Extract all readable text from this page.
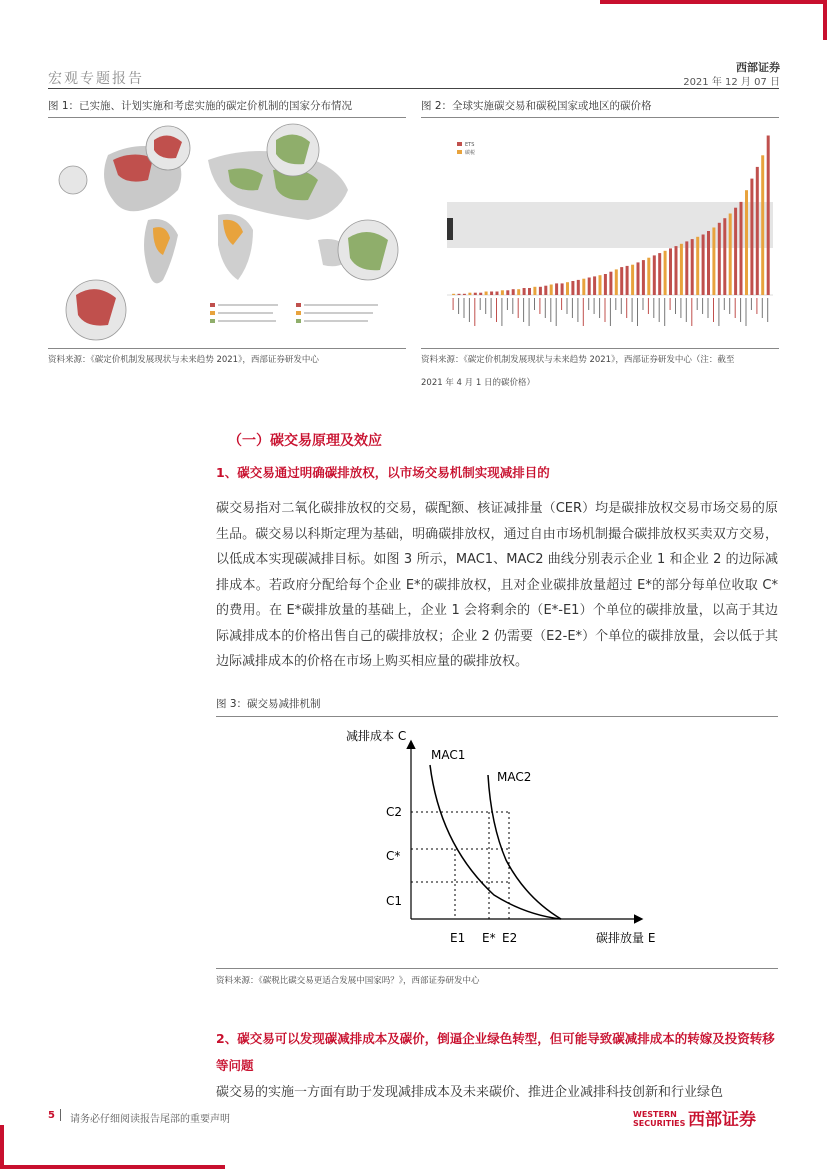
宏观专题报告
西部证券
2021 年 12 月 07 日
图 1：已实施、计划实施和考虑实施的碳定价机制的国家分布情况
资料来源：《碳定价机制发展现状与未来趋势 2021》，西部证券研发中心
图 2：全球实施碳交易和碳税国家或地区的碳价格
ETS
碳税
资料来源：《碳定价机制发展现状与未来趋势 2021》，西部证券研发中心（注：截至
2021 年 4 月 1 日的碳价格）
（一）碳交易原理及效应
1、碳交易通过明确碳排放权，以市场交易机制实现减排目的
碳交易指对二氧化碳排放权的交易，碳配额、核证减排量（CER）均是碳排放权交易市场交易的原生品。碳交易以科斯定理为基础，明确碳排放权，通过自由市场机制撮合碳排放权买卖双方交易，以低成本实现碳减排目标。如图 3 所示，MAC1、MAC2 曲线分别表示企业 1 和企业 2 的边际减排成本。若政府分配给每个企业 E*的碳排放权，且对企业碳排放量超过 E*的部分每单位收取 C*的费用。在 E*碳排放量的基础上，企业 1 会将剩余的（E*-E1）个单位的碳排放量，以高于其边际减排成本的价格出售自己的碳排放权；企业 2 仍需要（E2-E*）个单位的碳排放量，会以低于其边际减排成本的价格在市场上购买相应量的碳排放权。
图 3：碳交易减排机制
减排成本 C
碳排放量 E
MAC1
MAC2
C2
C*
C1
E1 E* E2
资料来源：《碳税比碳交易更适合发展中国家吗？》，西部证券研发中心
2、碳交易可以发现碳减排成本及碳价，倒逼企业绿色转型，但可能导致碳减排成本的转嫁及投资转移等问题
碳交易的实施一方面有助于发现减排成本及未来碳价、推进企业减排科技创新和行业绿色
5 请务必仔细阅读报告尾部的重要声明	WESTERN
SECURITIES 西部证券
